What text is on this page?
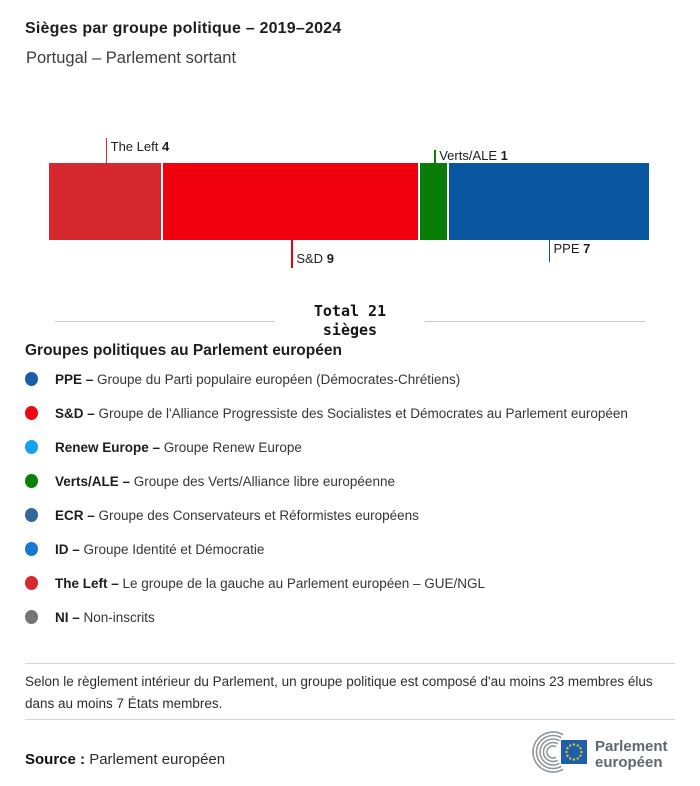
Sièges par groupe politique – 2019–2024
Portugal – Parlement sortant
The Left 4
S&D 9
Verts/ALE 1
PPE 7
Total 21
sièges
Groupes politiques au Parlement européen
PPE – Groupe du Parti populaire européen (Démocrates-Chrétiens)
S&D – Groupe de l'Alliance Progressiste des Socialistes et Démocrates au Parlement européen
Renew Europe – Groupe Renew Europe
Verts/ALE – Groupe des Verts/Alliance libre européenne
ECR – Groupe des Conservateurs et Réformistes européens
ID – Groupe Identité et Démocratie
The Left – Le groupe de la gauche au Parlement européen – GUE/NGL
NI – Non-inscrits

Selon le règlement intérieur du Parlement, un groupe politique est composé d'au moins 23 membres élus dans au moins 7 États membres.

Source : Parlement européen
Parlement
européen
